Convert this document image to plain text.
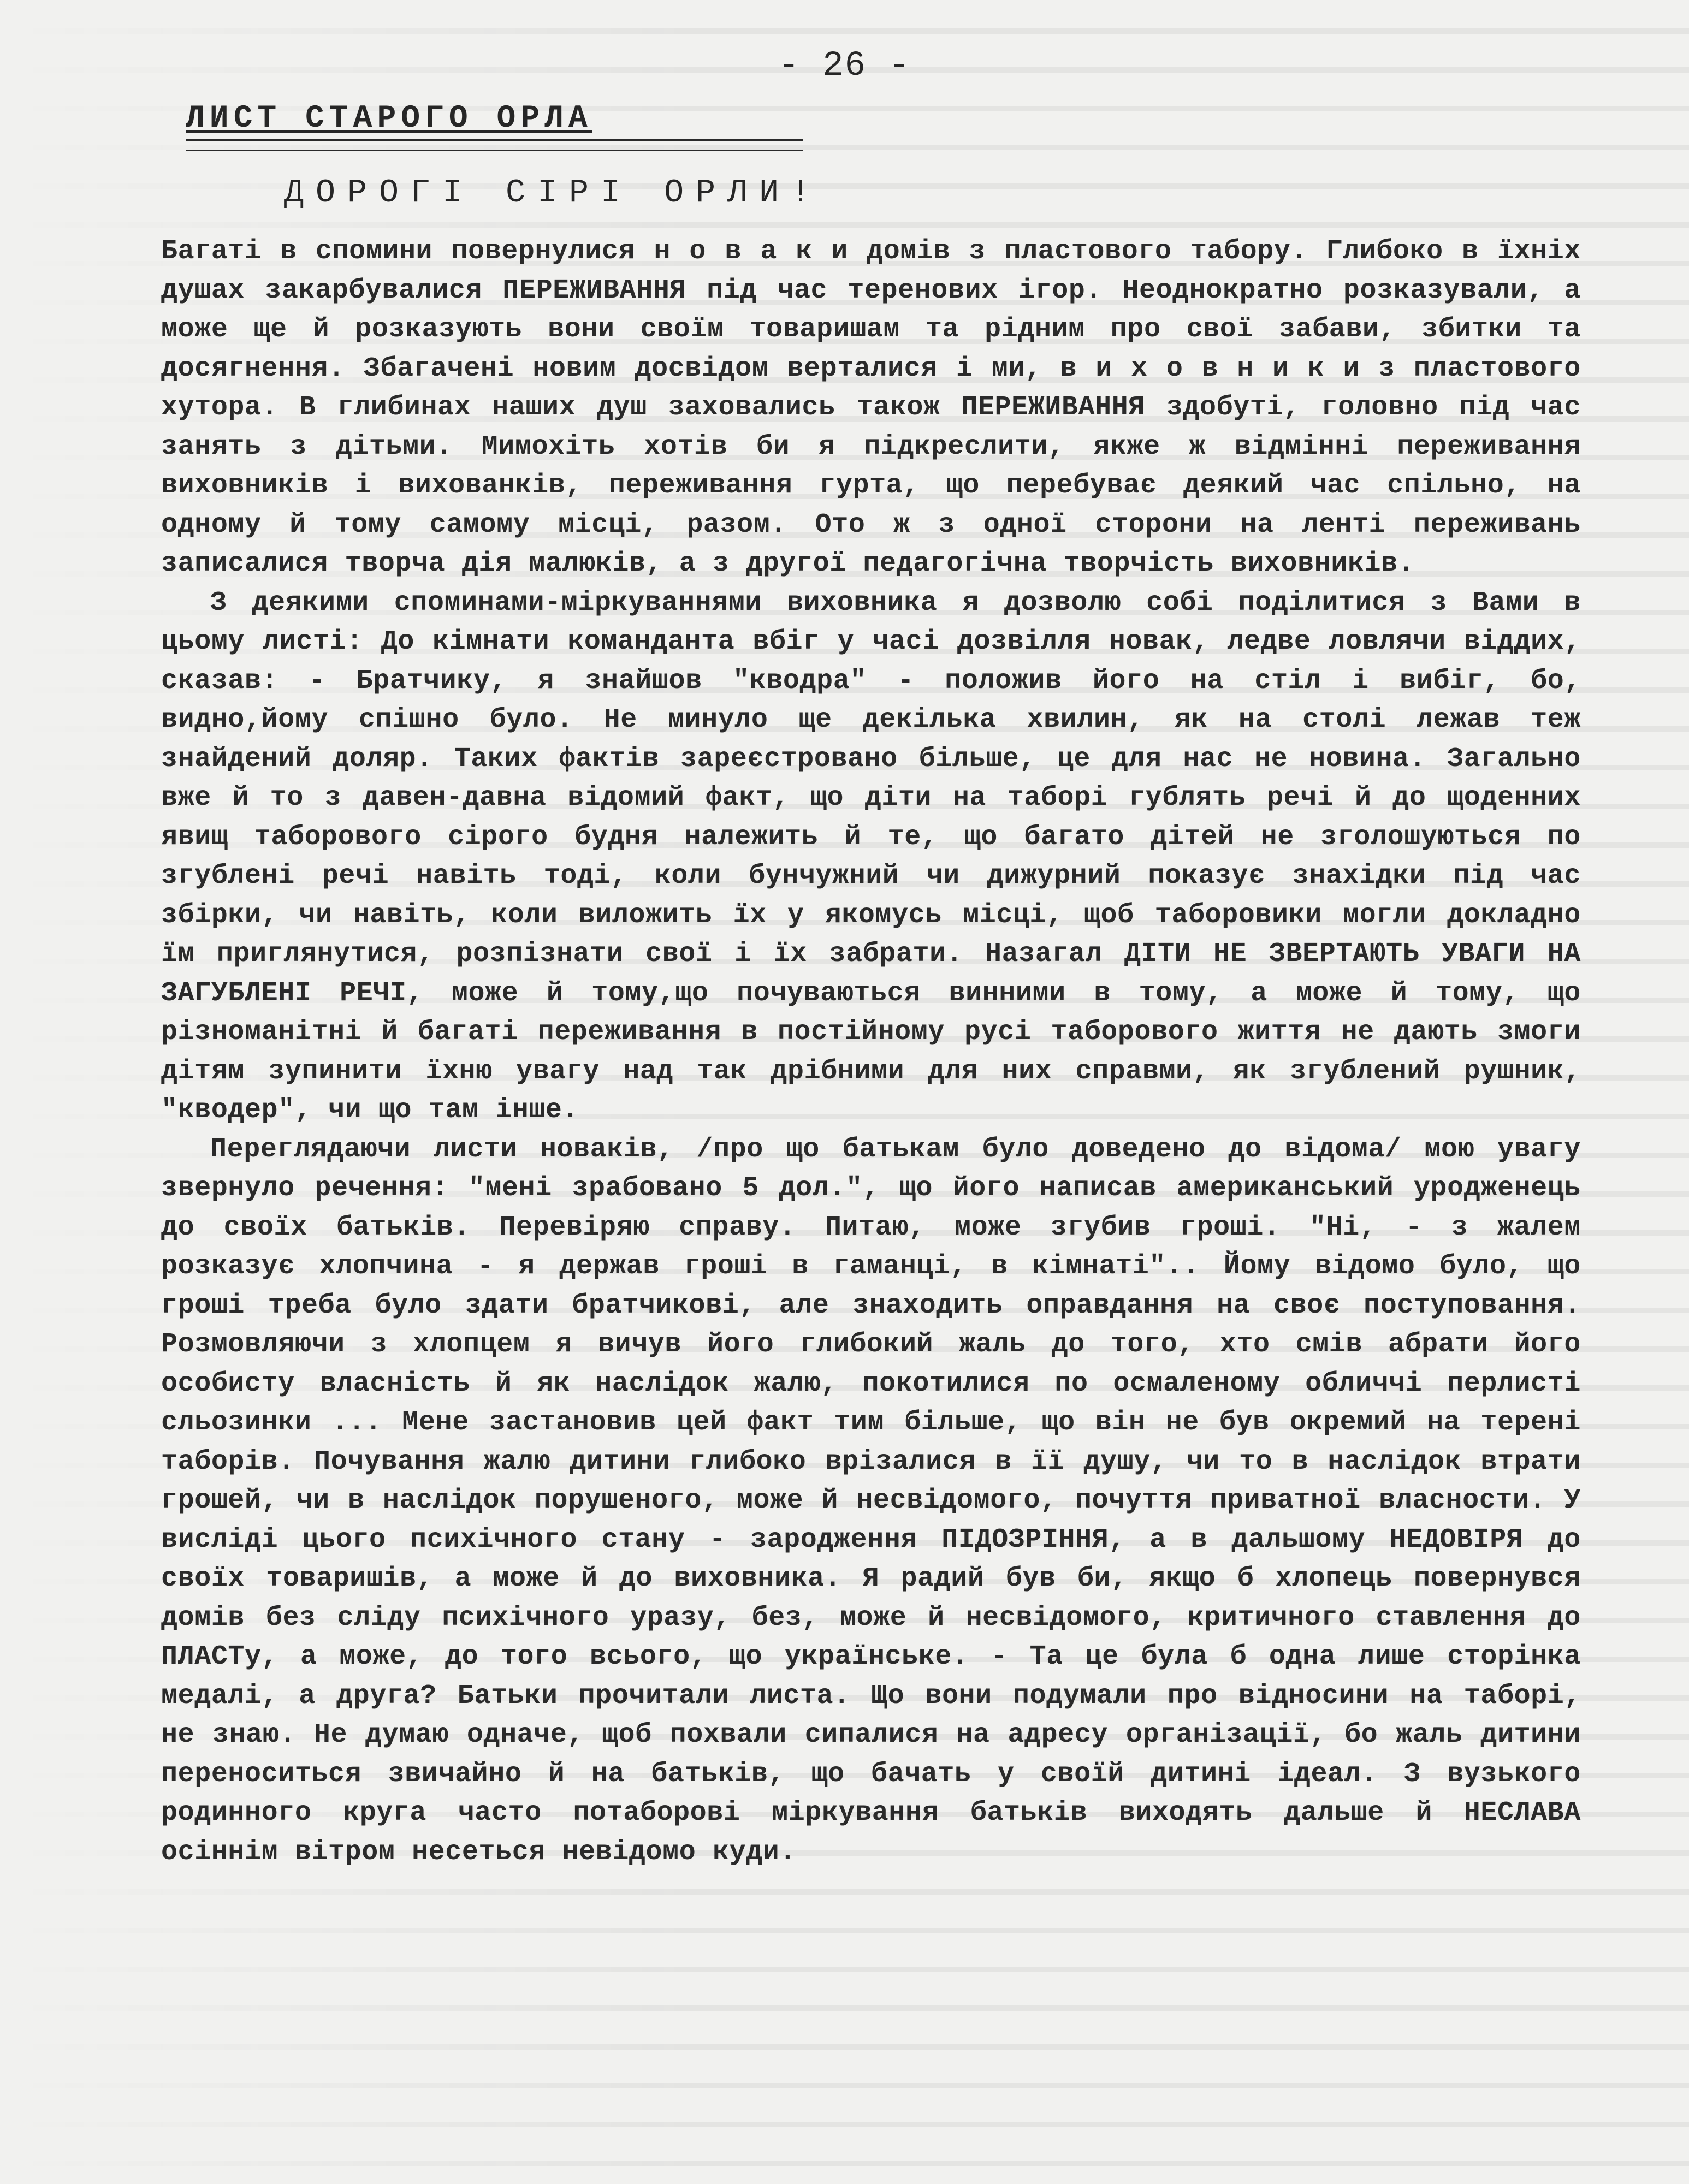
- 26 -
ЛИСТ СТАРОГО ОРЛА
ДОРОГІ СІРІ ОРЛИ!

Багаті в спомини повернулися н о в а к и домів з пластового табору. Глибоко в їхніх душах закарбувалися ПЕРЕЖИВАННЯ під час теренових ігор. Неоднократно розказували, а може ще й розказують вони своїм товаришам та рідним про свої забави, збитки та досягнення. Збагачені новим досвідом верталися і ми, в и х о в н и к и з пластового хутора. В глибинах наших душ заховались також ПЕРЕЖИВАННЯ здобуті, головно під час занять з дітьми. Мимохіть хотів би я підкреслити, якже ж відмінні переживання виховників і вихованків, переживання гурта, що перебуває деякий час спільно, на одному й тому самому місці, разом. Ото ж з одної сторони на ленті переживань записалися творча дія малюків, а з другої педагогічна творчість виховників.

З деякими споминами-міркуваннями виховника я дозволю собі поділитися з Вами в цьому листі: До кімнати команданта вбіг у часі дозвілля новак, ледве ловлячи віддих, сказав: - Братчику, я знайшов "кводра" - положив його на стіл і вибіг, бо, видно,йому спішно було. Не минуло ще декілька хвилин, як на столі лежав теж знайдений доляр. Таких фактів зареєстровано більше, це для нас не новина. Загально вже й то з давен-давна відомий факт, що діти на таборі гублять речі й до щоденних явищ таборового сірого будня належить й те, що багато дітей не зголошуються по згублені речі навіть тоді, коли бунчужний чи дижурний показує знахідки під час збірки, чи навіть, коли виложить їх у якомусь місці, щоб таборовики могли докладно їм приглянутися, розпізнати свої і їх забрати. Назагал ДІТИ НЕ ЗВЕРТАЮТЬ УВАГИ НА ЗАГУБЛЕНІ РЕЧІ, може й тому,що почуваються винними в тому, а може й тому, що різноманітні й багаті переживання в постійному русі таборового життя не дають змоги дітям зупинити їхню увагу над так дрібними для них справми, як згублений рушник, "кводер", чи що там інше.

Переглядаючи листи новаків, /про що батькам було доведено до відома/ мою увагу звернуло речення: "мені зрабовано 5 дол.", що його написав американський уродженець до своїх батьків. Перевіряю справу. Питаю, може згубив гроші. "Ні, - з жалем розказує хлопчина - я держав гроші в гаманці, в кімнаті".. Йому відомо було, що гроші треба було здати братчикові, але знаходить оправдання на своє поступовання. Розмовляючи з хлопцем я вичув його глибокий жаль до того, хто смів абрати його особисту власність й як наслідок жалю, покотилися по осмаленому обличчі перлисті сльозинки ... Мене застановив цей факт тим більше, що він не був окремий на терені таборів. Почування жалю дитини глибоко врізалися в її душу, чи то в наслідок втрати грошей, чи в наслідок порушеного, може й несвідомого, почуття приватної власности. У висліді цього психічного стану - зародження ПІДОЗРІННЯ, а в дальшому НЕДОВІРЯ до своїх товаришів, а може й до виховника. Я радий був би, якщо б хлопець повернувся домів без сліду психічного уразу, без, може й несвідомого, критичного ставлення до ПЛАСТу, а може, до того всього, що українське. - Та це була б одна лише сторінка медалі, а друга? Батьки прочитали листа. Що вони подумали про відносини на таборі, не знаю. Не думаю одначе, щоб похвали сипалися на адресу організації, бо жаль дитини переноситься звичайно й на батьків, що бачать у своїй дитині ідеал. З вузького родинного круга часто потаборові міркування батьків виходять дальше й НЕСЛАВА осіннім вітром несеться невідомо куди.
